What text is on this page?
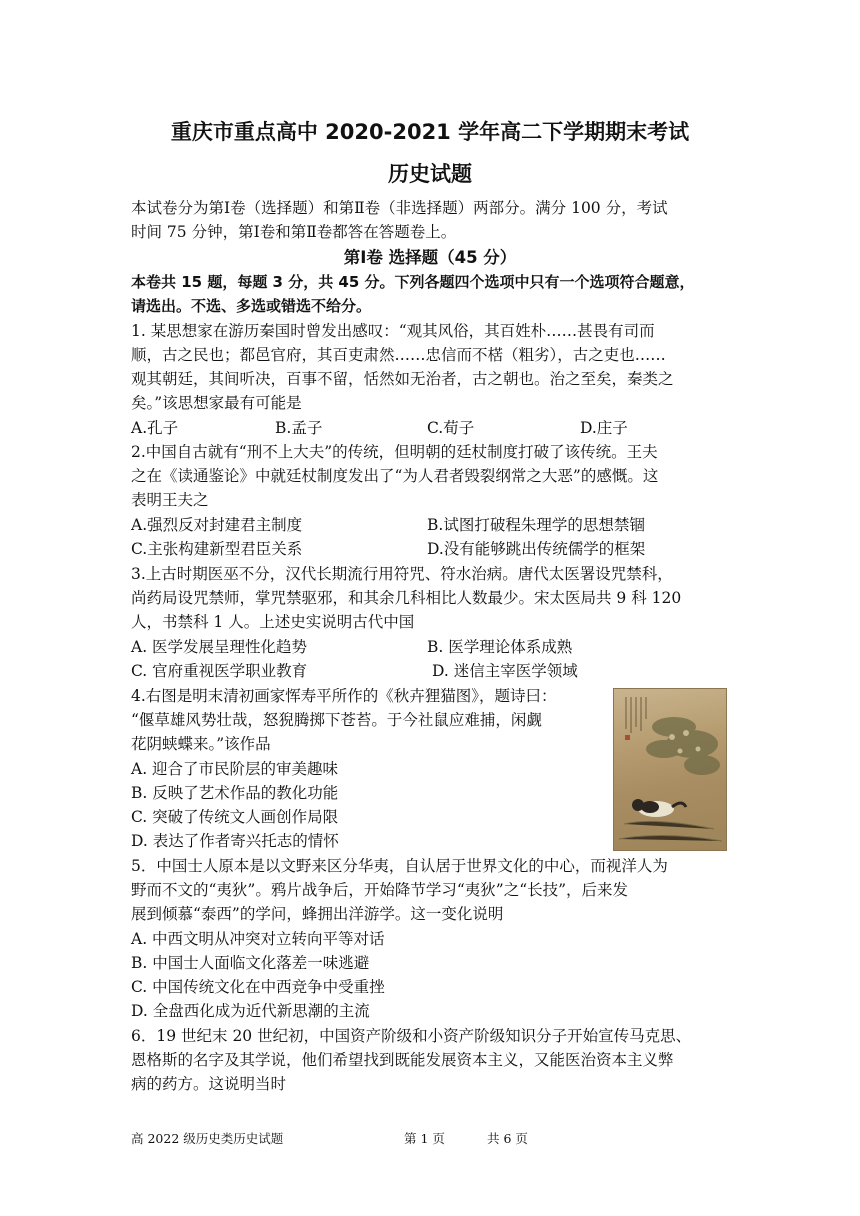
重庆市重点高中 2020-2021 学年高二下学期期末考试
历史试题
本试卷分为第Ⅰ卷（选择题）和第Ⅱ卷（非选择题）两部分。满分 100 分，考试
时间 75 分钟，第Ⅰ卷和第Ⅱ卷都答在答题卷上。
第Ⅰ卷 选择题（45 分）
本卷共 15 题，每题 3 分，共 45 分。下列各题四个选项中只有一个选项符合题意，
请选出。不选、多选或错选不给分。
1. 某思想家在游历秦国时曾发出感叹：“观其风俗，其百姓朴……甚畏有司而
顺，古之民也；都邑官府，其百吏肃然……忠信而不楛（粗劣），古之吏也……
观其朝廷，其间听决，百事不留，恬然如无治者，古之朝也。治之至矣，秦类之
矣。”该思想家最有可能是
A.孔子	B.孟子	C.荀子	D.庄子
2.中国自古就有“刑不上大夫”的传统，但明朝的廷杖制度打破了该传统。王夫
之在《读通鉴论》中就廷杖制度发出了“为人君者毁裂纲常之大恶”的感慨。这
表明王夫之
A.强烈反对封建君主制度	B.试图打破程朱理学的思想禁锢
C.主张构建新型君臣关系	D.没有能够跳出传统儒学的框架
3.上古时期医巫不分，汉代长期流行用符咒、符水治病。唐代太医署设咒禁科，
尚药局设咒禁师，掌咒禁驱邪，和其余几科相比人数最少。宋太医局共 9 科 120
人，书禁科 1 人。上述史实说明古代中国
A. 医学发展呈理性化趋势	B. 医学理论体系成熟
C. 官府重视医学职业教育	D. 迷信主宰医学领域
4.右图是明末清初画家恽寿平所作的《秋卉狸猫图》，题诗曰：
“偃草雄风势壮哉，怒猊腾掷下苍苔。于今社鼠应难捕，闲觑
花阴蛱蝶来。”该作品
A. 迎合了市民阶层的审美趣味
B. 反映了艺术作品的教化功能
C. 突破了传统文人画创作局限
D. 表达了作者寄兴托志的情怀
5．中国士人原本是以文野来区分华夷，自认居于世界文化的中心，而视洋人为
野而不文的“夷狄”。鸦片战争后，开始降节学习“夷狄”之“长技”，后来发
展到倾慕“泰西”的学问，蜂拥出洋游学。这一变化说明
A. 中西文明从冲突对立转向平等对话
B. 中国士人面临文化落差一味逃避
C. 中国传统文化在中西竞争中受重挫
D. 全盘西化成为近代新思潮的主流
6．19 世纪末 20 世纪初，中国资产阶级和小资产阶级知识分子开始宣传马克思、
恩格斯的名字及其学说，他们希望找到既能发展资本主义，又能医治资本主义弊
病的药方。这说明当时
高 2022 级历史类历史试题	第 1 页	共 6 页
